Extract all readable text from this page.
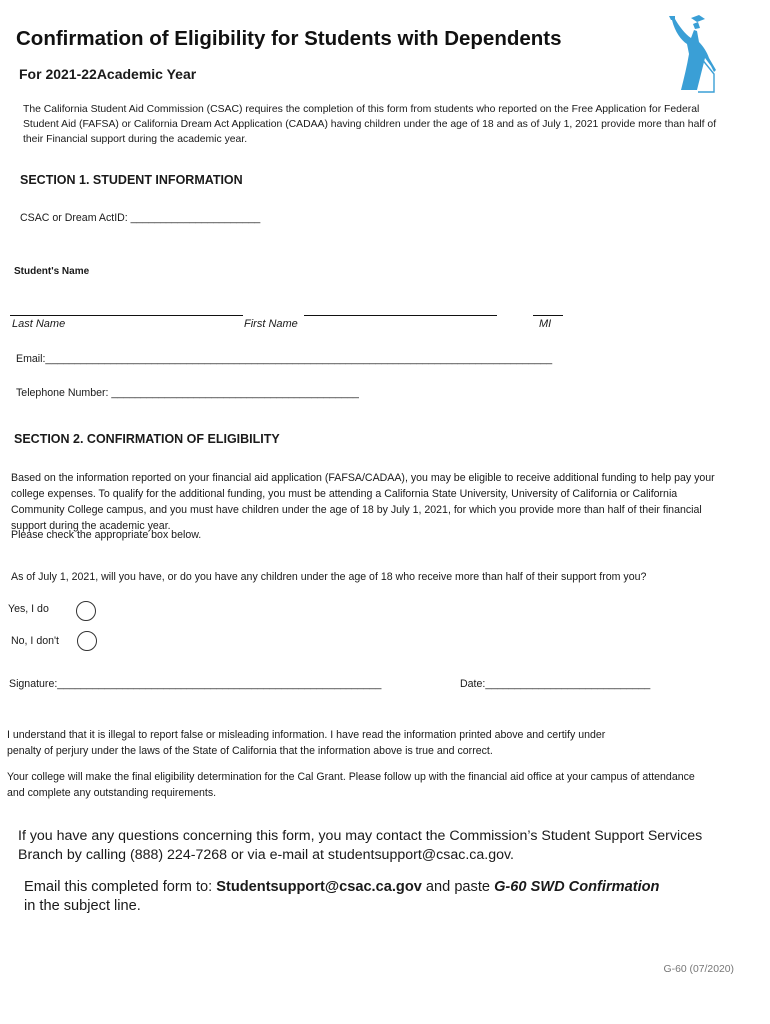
Confirmation of Eligibility for Students with Dependents
For 2021-22Academic Year
The California Student Aid Commission (CSAC) requires the completion of this form from students who reported on the Free Application for Federal Student Aid (FAFSA) or California Dream Act Application (CADAA) having children under the age of 18 and as of July 1, 2021 provide more than half of their Financial support during the academic year.
SECTION 1. STUDENT INFORMATION
CSAC or Dream ActID: ______________________
Student's Name
Last Name	First Name	MI
Email:______________________________________________________________________________________
Telephone Number: __________________________________________
SECTION 2. CONFIRMATION OF ELIGIBILITY
Based on the information reported on your financial aid application (FAFSA/CADAA), you may be eligible to receive additional funding to help pay your college expenses. To qualify for the additional funding, you must be attending a California State University, University of California or California Community College campus, and you must have children under the age of 18 by July 1, 2021, for which you provide more than half of their financial support during the academic year.
Please check the appropriate box below.
As of July 1, 2021, will you have, or do you have any children under the age of 18 who receive more than half of their support from you?
Yes, I do
No, I don't
Signature:_______________________________________________________	Date:____________________________
I understand that it is illegal to report false or misleading information. I have read the information printed above and certify under penalty of perjury under the laws of the State of California that the information above is true and correct.
Your college will make the final eligibility determination for the Cal Grant. Please follow up with the financial aid office at your campus of attendance and complete any outstanding requirements.
If you have any questions concerning this form, you may contact the Commission’s Student Support Services Branch by calling (888) 224-7268 or via e-mail at studentsupport@csac.ca.gov.
Email this completed form to: Studentsupport@csac.ca.gov and paste G-60 SWD Confirmation
in the subject line.
G-60 (07/2020)
